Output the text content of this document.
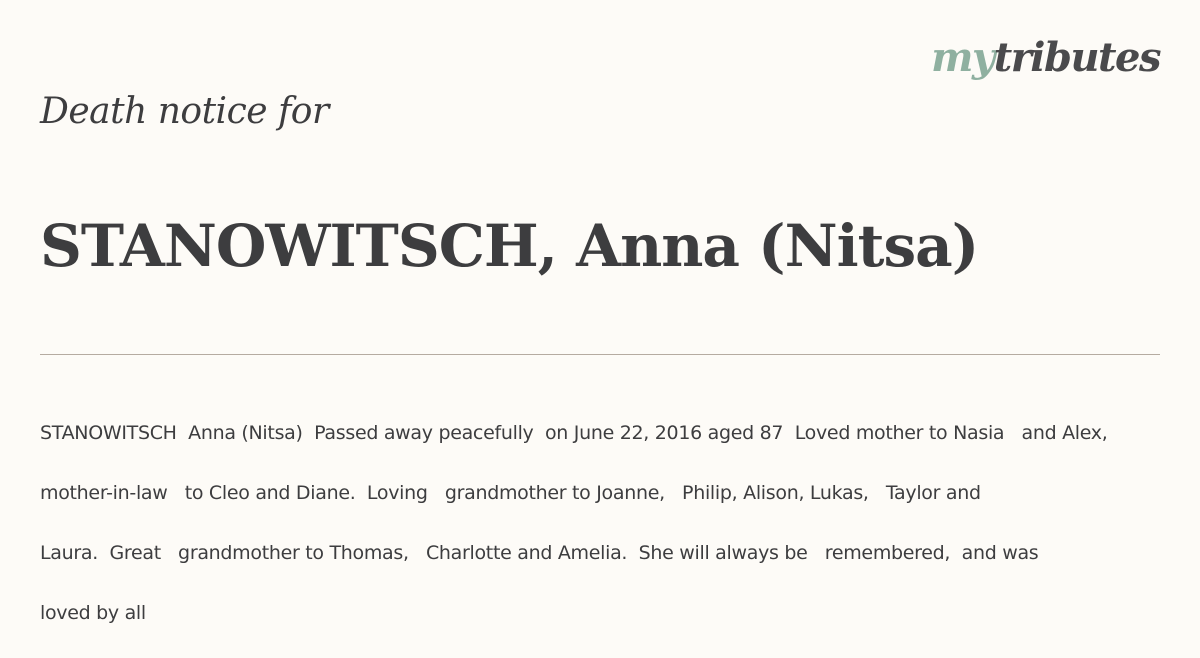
mytributes
Death notice for
STANOWITSCH, Anna (Nitsa)

STANOWITSCH  Anna (Nitsa)  Passed away peacefully  on June 22, 2016 aged 87  Loved mother to Nasia   and Alex,

mother-in-law   to Cleo and Diane.  Loving   grandmother to Joanne,   Philip, Alison, Lukas,   Taylor and

Laura.  Great   grandmother to Thomas,   Charlotte and Amelia.  She will always be   remembered,  and was

loved by all
